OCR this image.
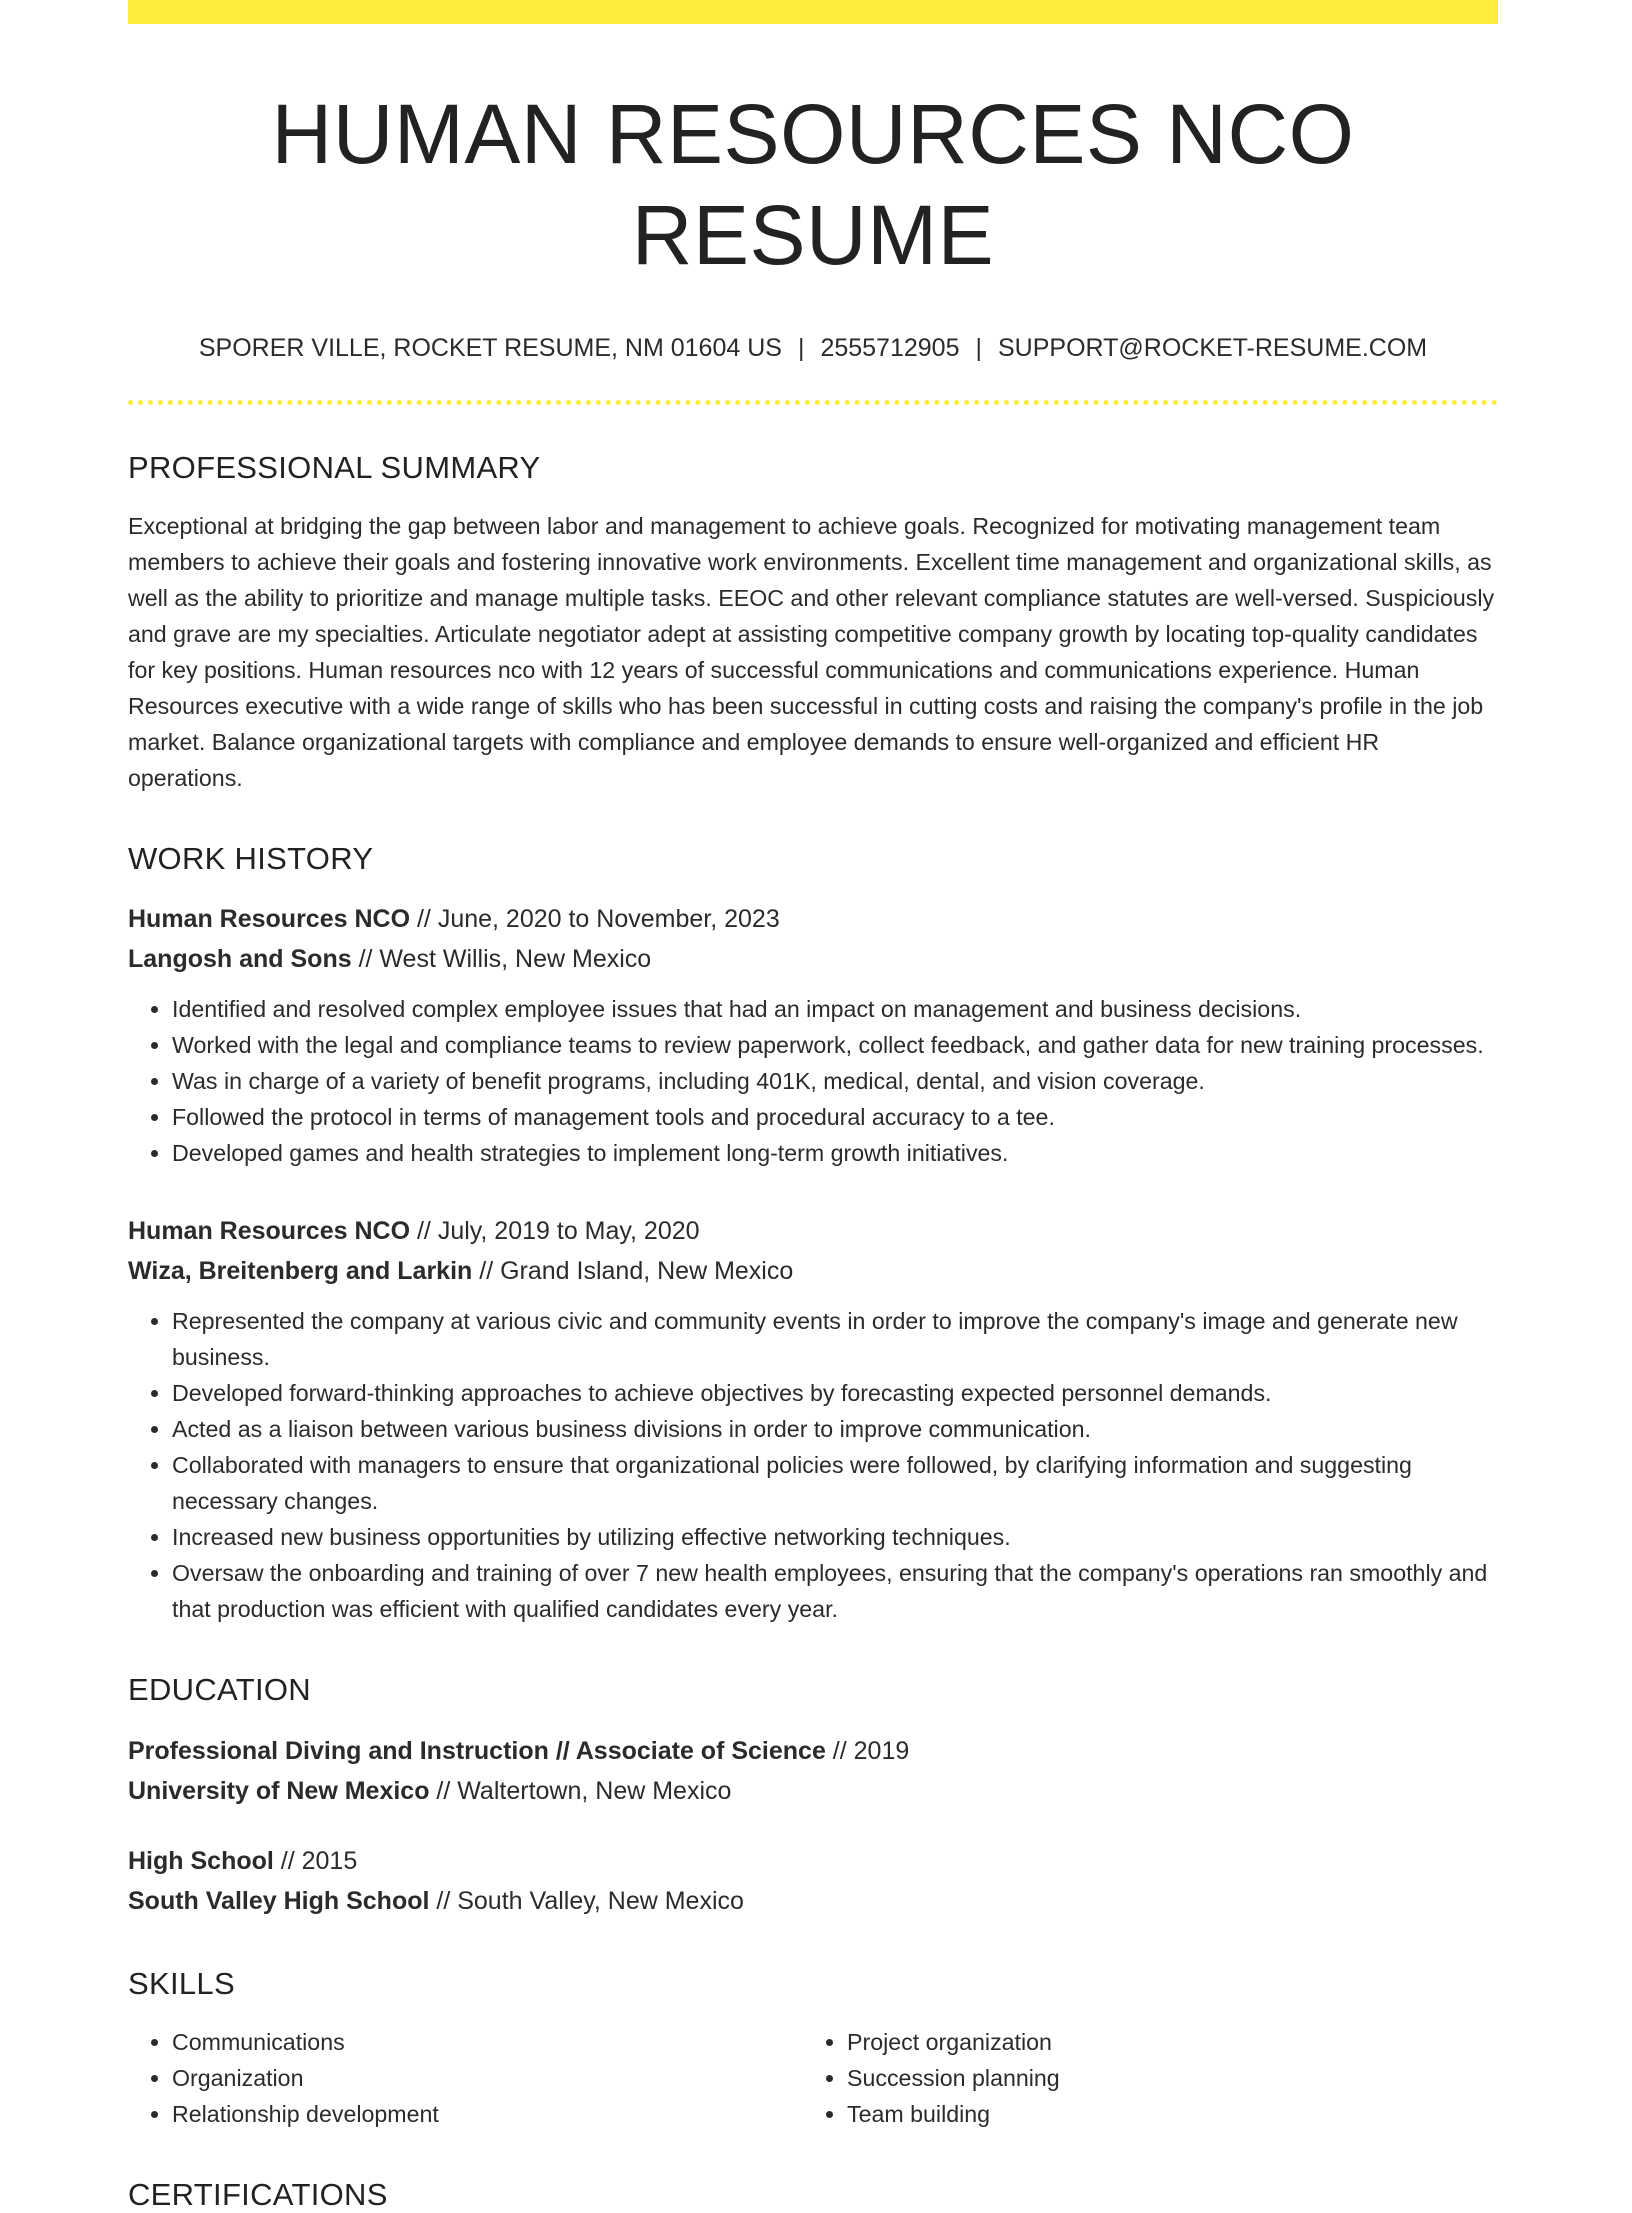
HUMAN RESOURCES NCO RESUME
SPORER VILLE, ROCKET RESUME, NM 01604 US | 2555712905 | SUPPORT@ROCKET-RESUME.COM
PROFESSIONAL SUMMARY
Exceptional at bridging the gap between labor and management to achieve goals. Recognized for motivating management team members to achieve their goals and fostering innovative work environments. Excellent time management and organizational skills, as well as the ability to prioritize and manage multiple tasks. EEOC and other relevant compliance statutes are well-versed. Suspiciously and grave are my specialties. Articulate negotiator adept at assisting competitive company growth by locating top-quality candidates for key positions. Human resources nco with 12 years of successful communications and communications experience. Human Resources executive with a wide range of skills who has been successful in cutting costs and raising the company's profile in the job market. Balance organizational targets with compliance and employee demands to ensure well-organized and efficient HR operations.
WORK HISTORY
Human Resources NCO // June, 2020 to November, 2023
Langosh and Sons // West Willis, New Mexico
• Identified and resolved complex employee issues that had an impact on management and business decisions.
• Worked with the legal and compliance teams to review paperwork, collect feedback, and gather data for new training processes.
• Was in charge of a variety of benefit programs, including 401K, medical, dental, and vision coverage.
• Followed the protocol in terms of management tools and procedural accuracy to a tee.
• Developed games and health strategies to implement long-term growth initiatives.
Human Resources NCO // July, 2019 to May, 2020
Wiza, Breitenberg and Larkin // Grand Island, New Mexico
• Represented the company at various civic and community events in order to improve the company's image and generate new business.
• Developed forward-thinking approaches to achieve objectives by forecasting expected personnel demands.
• Acted as a liaison between various business divisions in order to improve communication.
• Collaborated with managers to ensure that organizational policies were followed, by clarifying information and suggesting necessary changes.
• Increased new business opportunities by utilizing effective networking techniques.
• Oversaw the onboarding and training of over 7 new health employees, ensuring that the company's operations ran smoothly and that production was efficient with qualified candidates every year.
EDUCATION
Professional Diving and Instruction // Associate of Science // 2019
University of New Mexico // Waltertown, New Mexico
High School // 2015
South Valley High School // South Valley, New Mexico
SKILLS
• Communications
• Organization
• Relationship development
• Project organization
• Succession planning
• Team building
CERTIFICATIONS
